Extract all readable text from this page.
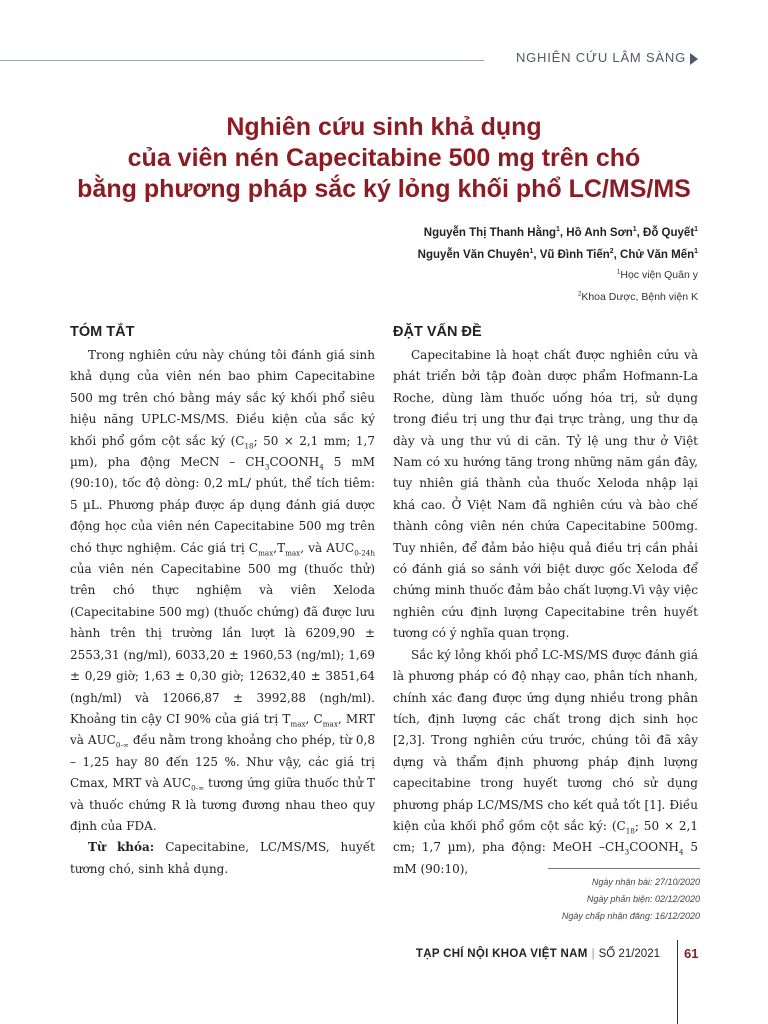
NGHIÊN CỨU LÂM SÀNG
Nghiên cứu sinh khả dụng
của viên nén Capecitabine 500 mg trên chó
bằng phương pháp sắc ký lỏng khối phổ LC/MS/MS
Nguyễn Thị Thanh Hằng$^1$, Hồ Anh Sơn$^1$, Đỗ Quyết$^1$
Nguyễn Văn Chuyên$^1$, Vũ Đình Tiến$^2$, Chử Văn Mến$^1$
$^1$Học viện Quân y
$^2$Khoa Dược, Bệnh viện K
TÓM TẮT

Trong nghiên cứu này chúng tôi đánh giá sinh khả dụng của viên nén bao phim Capecitabine 500 mg trên chó bằng máy sắc ký khối phổ siêu hiệu năng UPLC-MS/MS. Điều kiện của sắc ký khối phổ gồm cột sắc ký ($C_{18}$; 50 × 2,1 mm; 1,7 µm), pha động MeCN – $CH_3COONH_4$ 5 mM (90:10), tốc độ dòng: 0,2 mL/ phút, thể tích tiêm: 5 µL. Phương pháp được áp dụng đánh giá dược động học của viên nén Capecitabine 500 mg trên chó thực nghiệm. Các giá trị $C_{max},T_{max}$, và $AUC_{0-24h}$ của viên nén Capecitabine 500 mg (thuốc thử) trên chó thực nghiệm và viên Xeloda (Capecitabine 500 mg) (thuốc chứng) đã được lưu hành trên thị trường lần lượt là 6209,90 ± 2553,31 (ng/ml), 6033,20 ± 1960,53 (ng/ml); 1,69 ± 0,29 giờ; 1,63 ± 0,30 giờ; 12632,40 ± 3851,64 (ngh/ml) và 12066,87 ± 3992,88 (ngh/ml). Khoảng tin cậy CI 90% của giá trị $T_{max}$, $C_{max}$, MRT và $AUC_{0-\infty}$ đều nằm trong khoảng cho phép, từ 0,8 – 1,25 hay 80 đến 125 %. Như vậy, các giá trị Cmax, MRT và $AUC_{0-\infty}$ tương ứng giữa thuốc thử T và thuốc chứng R là tương đương nhau theo quy định của FDA.

Từ khóa: Capecitabine, LC/MS/MS, huyết tương chó, sinh khả dụng.

ĐẶT VẤN ĐỀ

Capecitabine là hoạt chất được nghiên cứu và phát triển bởi tập đoàn dược phẩm Hofmann-La Roche, dùng làm thuốc uống hóa trị, sử dụng trong điều trị ung thư đại trực tràng, ung thư dạ dày và ung thư vú di căn. Tỷ lệ ung thư ở Việt Nam có xu hướng tăng trong những năm gần đây, tuy nhiên giá thành của thuốc Xeloda nhập lại khá cao. Ở Việt Nam đã nghiên cứu và bào chế thành công viên nén chứa Capecitabine 500mg. Tuy nhiên, để đảm bảo hiệu quả điều trị cần phải có đánh giá so sánh với biệt dược gốc Xeloda để chứng minh thuốc đảm bảo chất lượng.Vì vậy việc nghiên cứu định lượng Capecitabine trên huyết tương có ý nghĩa quan trọng.

Sắc ký lỏng khối phổ LC-MS/MS được đánh giá là phương pháp có độ nhạy cao, phân tích nhanh, chính xác đang được ứng dụng nhiều trong phân tích, định lượng các chất trong dịch sinh học [2,3]. Trong nghiên cứu trước, chúng tôi đã xây dựng và thẩm định phương pháp định lượng capecitabine trong huyết tương chó sử dụng phương pháp LC/MS/MS cho kết quả tốt [1]. Điều kiện của khối phổ gồm cột sắc ký: ($C_{18}$; 50 × 2,1 cm; 1,7 µm), pha động: MeOH $-CH_3COONH_4$ 5 mM (90:10),

Ngày nhận bài: 27/10/2020
Ngày phản biện: 02/12/2020
Ngày chấp nhận đăng: 16/12/2020
TẠP CHÍ NỘI KHOA VIỆT NAM | SỐ 21/2021 61
